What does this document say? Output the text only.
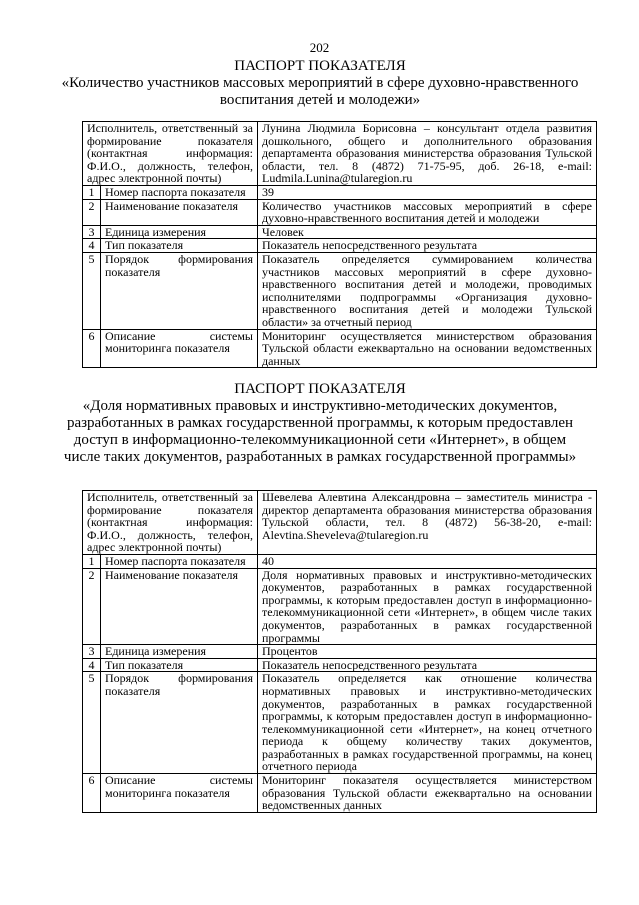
202
ПАСПОРТ ПОКАЗАТЕЛЯ
«Количество участников массовых мероприятий в сфере духовно-нравственного воспитания детей и молодежи»
Исполнитель, ответственный за формирование показателя (контактная информация: Ф.И.О., должность, телефон, адрес электронной почты)		Лунина Людмила Борисовна – консультант отдела развития дошкольного, общего и дополнительного образования департамента образования министерства образования Тульской области, тел. 8 (4872) 71-75-95, доб. 26-18, e-mail: Ludmila.Lunina@tularegion.ru
1	Номер паспорта показателя	39
2	Наименование показателя	Количество участников массовых мероприятий в сфере духовно-нравственного воспитания детей и молодежи
3	Единица измерения	Человек
4	Тип показателя	Показатель непосредственного результата
5	Порядок формирования показателя	Показатель определяется суммированием количества участников массовых мероприятий в сфере духовно-нравственного воспитания детей и молодежи, проводимых исполнителями подпрограммы «Организация духовно-нравственного воспитания детей и молодежи Тульской области» за отчетный период
6	Описание системы мониторинга показателя	Мониторинг осуществляется министерством образования Тульской области ежеквартально на основании ведомственных данных
ПАСПОРТ ПОКАЗАТЕЛЯ
«Доля нормативных правовых и инструктивно-методических документов, разработанных в рамках государственной программы, к которым предоставлен доступ в информационно-телекоммуникационной сети «Интернет», в общем числе таких документов, разработанных в рамках государственной программы»
Исполнитель, ответственный за формирование показателя (контактная информация: Ф.И.О., должность, телефон, адрес электронной почты)		Шевелева Алевтина Александровна – заместитель министра - директор департамента образования министерства образования Тульской области, тел. 8 (4872) 56-38-20, e-mail: Alevtina.Sheveleva@tularegion.ru
1	Номер паспорта показателя	40
2	Наименование показателя	Доля нормативных правовых и инструктивно-методических документов, разработанных в рамках государственной программы, к которым предоставлен доступ в информационно-телекоммуникационной сети «Интернет», в общем числе таких документов, разработанных в рамках государственной программы
3	Единица измерения	Процентов
4	Тип показателя	Показатель непосредственного результата
5	Порядок формирования показателя	Показатель определяется как отношение количества нормативных правовых и инструктивно-методических документов, разработанных в рамках государственной программы, к которым предоставлен доступ в информационно-телекоммуникационной сети «Интернет», на конец отчетного периода к общему количеству таких документов, разработанных в рамках государственной программы, на конец отчетного периода
6	Описание системы мониторинга показателя	Мониторинг показателя осуществляется министерством образования Тульской области ежеквартально на основании ведомственных данных
